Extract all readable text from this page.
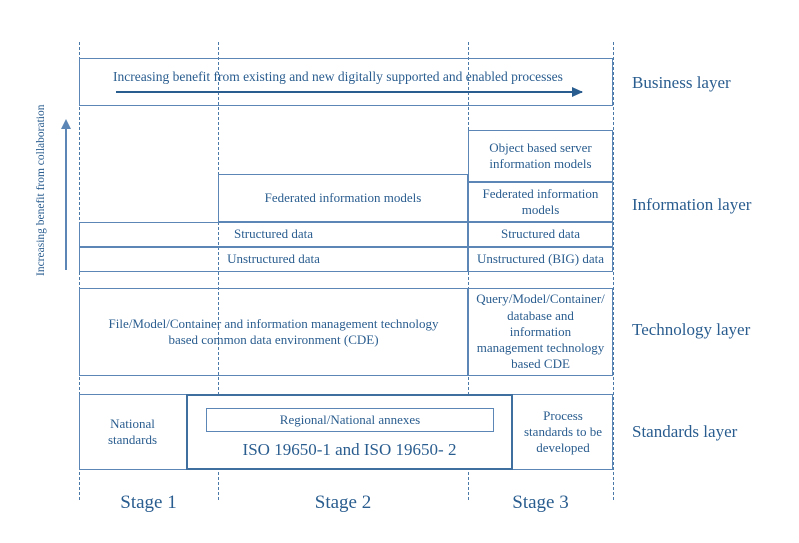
Increasing benefit from collaboration
Increasing benefit from existing and new digitally supported and enabled processes	Business layer
Object based server information models
Federated information models	Federated information models
Structured data	Structured data
Unstructured data	Unstructured (BIG) data
Information layer
File/Model/Container and information management technology based common data environment (CDE)
Query/Model/Container/ database and information management technology based CDE
Technology layer
National standards
Process standards to be developed
Regional/National annexes
ISO 19650-1 and ISO 19650- 2
Standards layer
Stage 1	Stage 2	Stage 3
